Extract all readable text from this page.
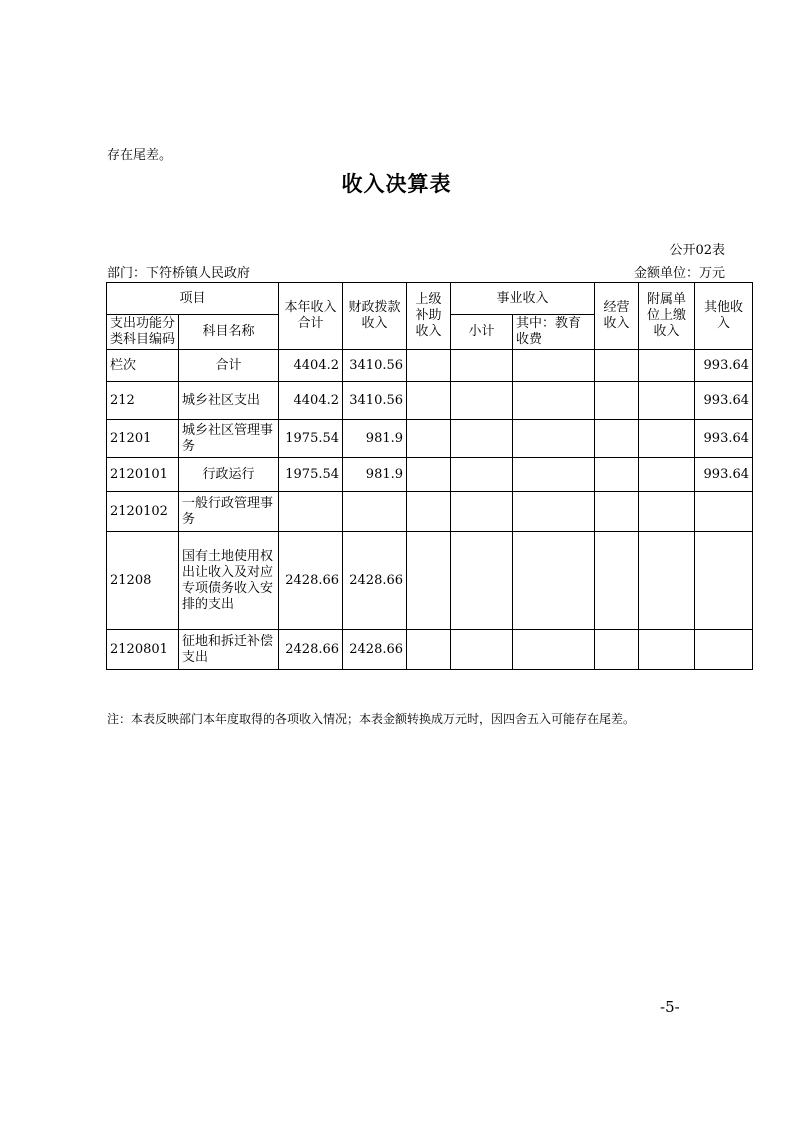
存在尾差。
收入决算表
公开02表
部门：下符桥镇人民政府	金额单位：万元
项目		本年收入合计	财政拨款收入	上级补助收入	事业收入		经营收入	附属单位上缴收入	其他收入
支出功能分类科目编码	科目名称				小计	其中：教育收费			

栏次	合计	4404.2	3410.56						993.64
212	城乡社区支出	4404.2	3410.56						993.64
21201	城乡社区管理事务	1975.54	981.9						993.64
2120101	行政运行	1975.54	981.9						993.64
2120102	一般行政管理事务								
21208	国有土地使用权出让收入及对应专项债务收入安排的支出	2428.66	2428.66						
2120801	征地和拆迁补偿支出	2428.66	2428.66						
注：本表反映部门本年度取得的各项收入情况；本表金额转换成万元时，因四舍五入可能存在尾差。
-5-
